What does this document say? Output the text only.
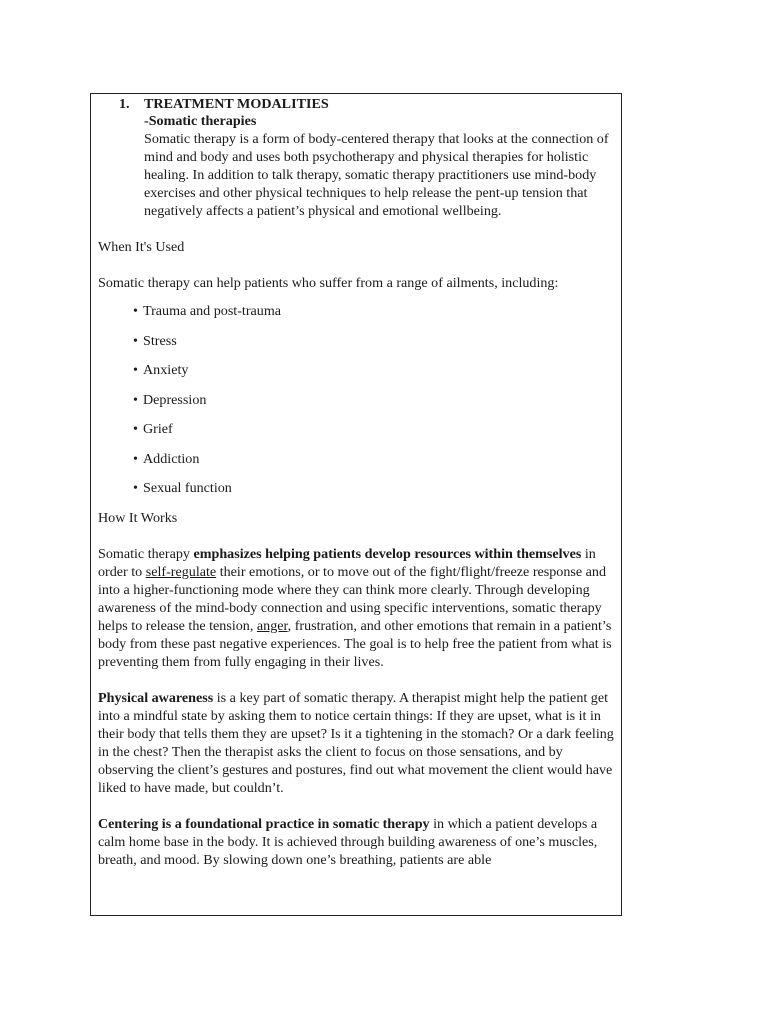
1. TREATMENT MODALITIES
-Somatic therapies
Somatic therapy is a form of body-centered therapy that looks at the connection of mind and body and uses both psychotherapy and physical therapies for holistic healing. In addition to talk therapy, somatic therapy practitioners use mind-body exercises and other physical techniques to help release the pent-up tension that negatively affects a patient’s physical and emotional wellbeing.
When It's Used
Somatic therapy can help patients who suffer from a range of ailments, including:
• Trauma and post-trauma
• Stress
• Anxiety
• Depression
• Grief
• Addiction
• Sexual function
How It Works
Somatic therapy emphasizes helping patients develop resources within themselves in order to self-regulate their emotions, or to move out of the fight/flight/freeze response and into a higher-functioning mode where they can think more clearly. Through developing awareness of the mind-body connection and using specific interventions, somatic therapy helps to release the tension, anger, frustration, and other emotions that remain in a patient’s body from these past negative experiences. The goal is to help free the patient from what is preventing them from fully engaging in their lives.
Physical awareness is a key part of somatic therapy. A therapist might help the patient get into a mindful state by asking them to notice certain things: If they are upset, what is it in their body that tells them they are upset? Is it a tightening in the stomach? Or a dark feeling in the chest? Then the therapist asks the client to focus on those sensations, and by observing the client’s gestures and postures, find out what movement the client would have liked to have made, but couldn’t.
Centering is a foundational practice in somatic therapy in which a patient develops a calm home base in the body. It is achieved through building awareness of one’s muscles, breath, and mood. By slowing down one’s breathing, patients are able
